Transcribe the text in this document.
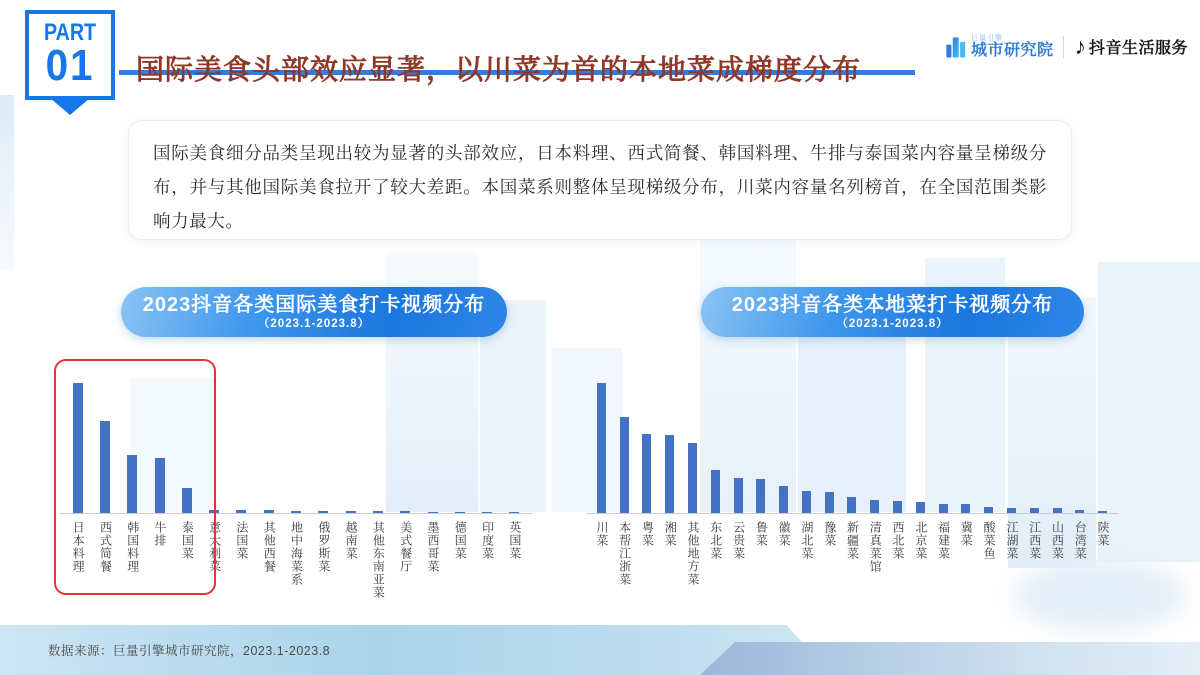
PART
01	国际美食头部效应显著，以川菜为首的本地菜成梯度分布
巨量引擎
城市研究院 ♪ 抖音生活服务

国际美食细分品类呈现出较为显著的头部效应，日本料理、西式简餐、韩国料理、牛排与泰国菜内容量呈梯级分布，并与其他国际美食拉开了较大差距。本国菜系则整体呈现梯级分布，川菜内容量名列榜首，在全国范围类影响力最大。

2023抖音各类国际美食打卡视频分布
（2023.1-2023.8）
2023抖音各类本地菜打卡视频分布
（2023.1-2023.8）
日本料理 西式简餐 韩国料理 牛排 泰国菜 意大利菜 法国菜 其他西餐 地中海菜系 俄罗斯菜 越南菜 其他东南亚菜 美式餐厅 墨西哥菜 德国菜 印度菜 英国菜	川菜 本帮江浙菜 粤菜 湘菜 其他地方菜 东北菜 云贵菜 鲁菜 徽菜 湖北菜 豫菜 新疆菜 清真菜馆 西北菜 北京菜 福建菜 冀菜 酸菜鱼 江湖菜 江西菜 山西菜 台湾菜 陕菜
数据来源：巨量引擎城市研究院，2023.1-2023.8
